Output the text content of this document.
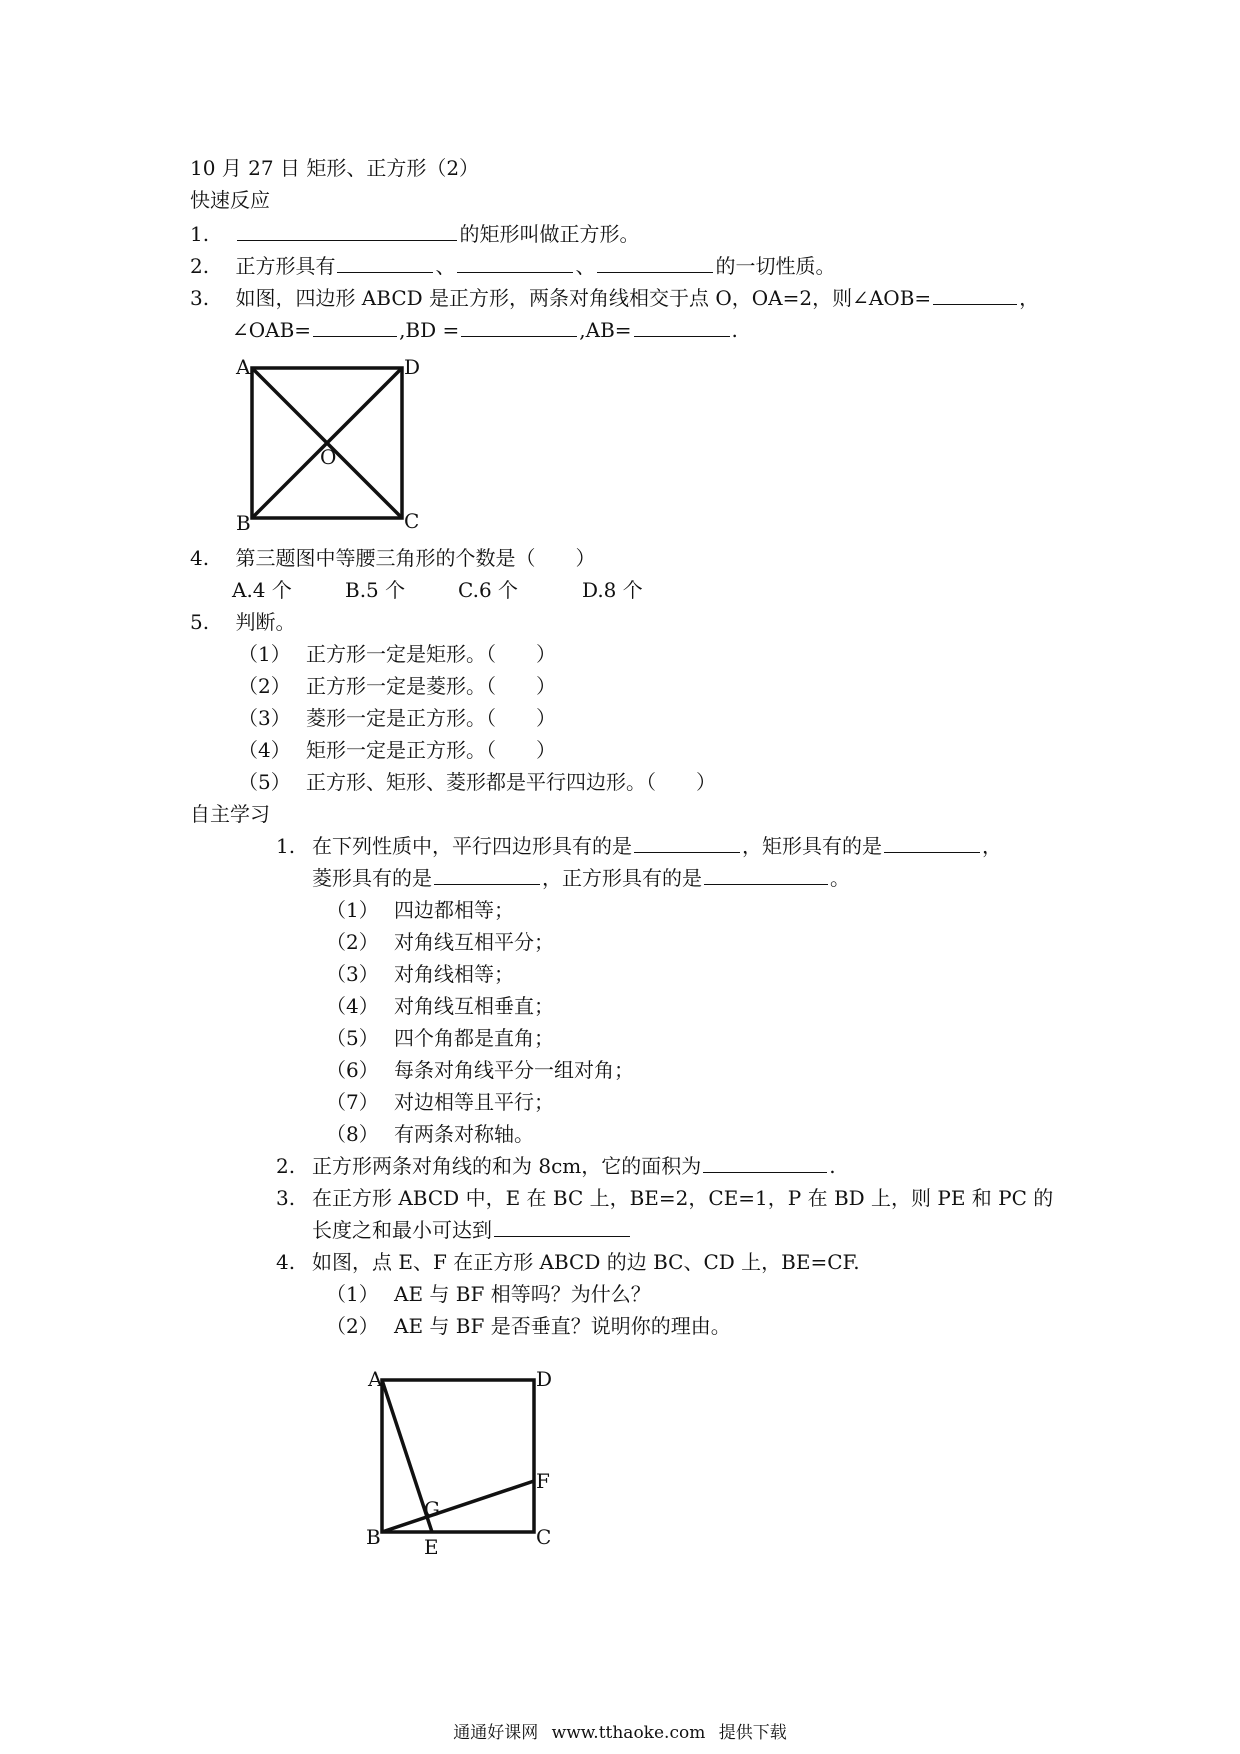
10 月 27 日 矩形、正方形（2）
快速反应
1.	的矩形叫做正方形。
2. 正方形具有	、	、	的一切性质。
3. 如图，四边形 ABCD 是正方形，两条对角线相交于点 O，OA=2，则∠AOB=	，
∠OAB=	,BD =	,AB=	.
A	D
B	C
O
4. 第三题图中等腰三角形的个数是（　　）
A.4 个	B.5 个	C.6 个	D.8 个
5. 判断。
（1） 正方形一定是矩形。（　　）
（2） 正方形一定是菱形。（　　）
（3） 菱形一定是正方形。（　　）
（4） 矩形一定是正方形。（　　）
（5） 正方形、矩形、菱形都是平行四边形。（　　）
自主学习
1. 在下列性质中，平行四边形具有的是	，矩形具有的是	，
菱形具有的是	，正方形具有的是	。
（1） 四边都相等；
（2） 对角线互相平分；
（3） 对角线相等；
（4） 对角线互相垂直；
（5） 四个角都是直角；
（6） 每条对角线平分一组对角；
（7） 对边相等且平行；
（8） 有两条对称轴。
2. 正方形两条对角线的和为 8cm，它的面积为	.
3. 在正方形 ABCD 中，E 在 BC 上，BE=2，CE=1，P 在 BD 上，则 PE 和 PC 的
长度之和最小可达到
4. 如图，点 E、F 在正方形 ABCD 的边 BC、CD 上，BE=CF.
（1） AE 与 BF 相等吗？为什么？
（2） AE 与 BF 是否垂直？说明你的理由。
A	D
B	C
F
E
G
通通好课网 www.tthaoke.com 提供下载
